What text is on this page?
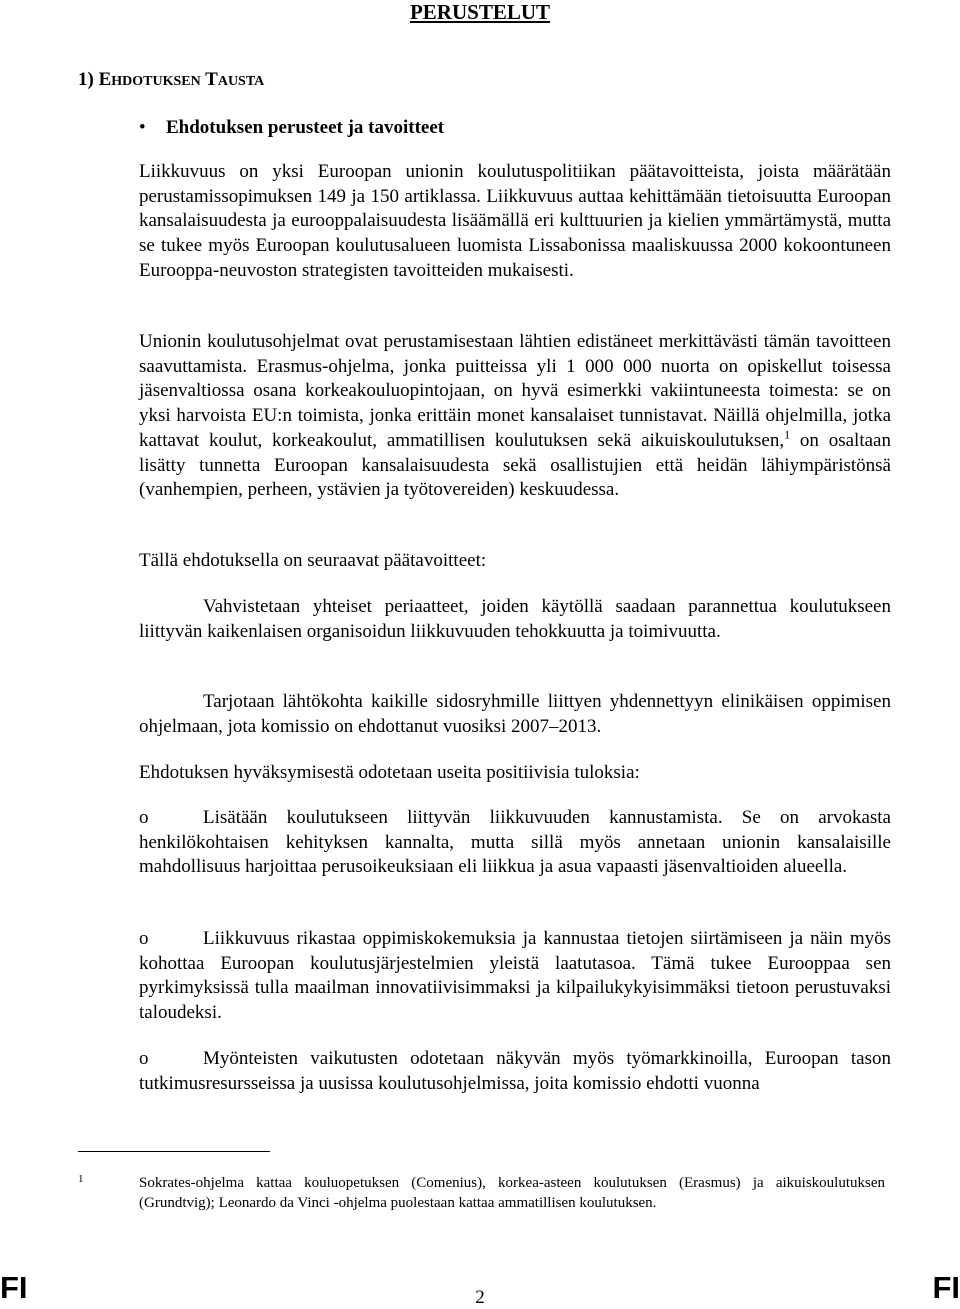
PERUSTELUT
1) EHDOTUKSEN TAUSTA
•	Ehdotuksen perusteet ja tavoitteet

Liikkuvuus on yksi Euroopan unionin koulutuspolitiikan päätavoitteista, joista määrätään perustamissopimuksen 149 ja 150 artiklassa. Liikkuvuus auttaa kehittämään tietoisuutta Euroopan kansalaisuudesta ja eurooppalaisuudesta lisäämällä eri kulttuurien ja kielien ymmärtämystä, mutta se tukee myös Euroopan koulutusalueen luomista Lissabonissa maaliskuussa 2000 kokoontuneen Eurooppa-neuvoston strategisten tavoitteiden mukaisesti.

Unionin koulutusohjelmat ovat perustamisestaan lähtien edistäneet merkittävästi tämän tavoitteen saavuttamista. Erasmus-ohjelma, jonka puitteissa yli 1 000 000 nuorta on opiskellut toisessa jäsenvaltiossa osana korkeakouluopintojaan, on hyvä esimerkki vakiintuneesta toimesta: se on yksi harvoista EU:n toimista, jonka erittäin monet kansalaiset tunnistavat. Näillä ohjelmilla, jotka kattavat koulut, korkeakoulut, ammatillisen koulutuksen sekä aikuiskoulutuksen,$^1$ on osaltaan lisätty tunnetta Euroopan kansalaisuudesta sekä osallistujien että heidän lähiympäristönsä (vanhempien, perheen, ystävien ja työtovereiden) keskuudessa.

Tällä ehdotuksella on seuraavat päätavoitteet:

Vahvistetaan yhteiset periaatteet, joiden käytöllä saadaan parannettua koulutukseen liittyvän kaikenlaisen organisoidun liikkuvuuden tehokkuutta ja toimivuutta.

Tarjotaan lähtökohta kaikille sidosryhmille liittyen yhdennettyyn elinikäisen oppimisen ohjelmaan, jota komissio on ehdottanut vuosiksi 2007–2013.

Ehdotuksen hyväksymisestä odotetaan useita positiivisia tuloksia:

o	Lisätään koulutukseen liittyvän liikkuvuuden kannustamista. Se on arvokasta henkilökohtaisen kehityksen kannalta, mutta sillä myös annetaan unionin kansalaisille mahdollisuus harjoittaa perusoikeuksiaan eli liikkua ja asua vapaasti jäsenvaltioiden alueella.

o	Liikkuvuus rikastaa oppimiskokemuksia ja kannustaa tietojen siirtämiseen ja näin myös kohottaa Euroopan koulutusjärjestelmien yleistä laatutasoa. Tämä tukee Eurooppaa sen pyrkimyksissä tulla maailman innovatiivisimmaksi ja kilpailukykyisimmäksi tietoon perustuvaksi taloudeksi.

o	Myönteisten vaikutusten odotetaan näkyvän myös työmarkkinoilla, Euroopan tason tutkimusresursseissa ja uusissa koulutusohjelmissa, joita komissio ehdotti vuonna

1	Sokrates-ohjelma kattaa kouluopetuksen (Comenius), korkea-asteen koulutuksen (Erasmus) ja aikuiskoulutuksen (Grundtvig); Leonardo da Vinci -ohjelma puolestaan kattaa ammatillisen koulutuksen.

FI	2	FI
